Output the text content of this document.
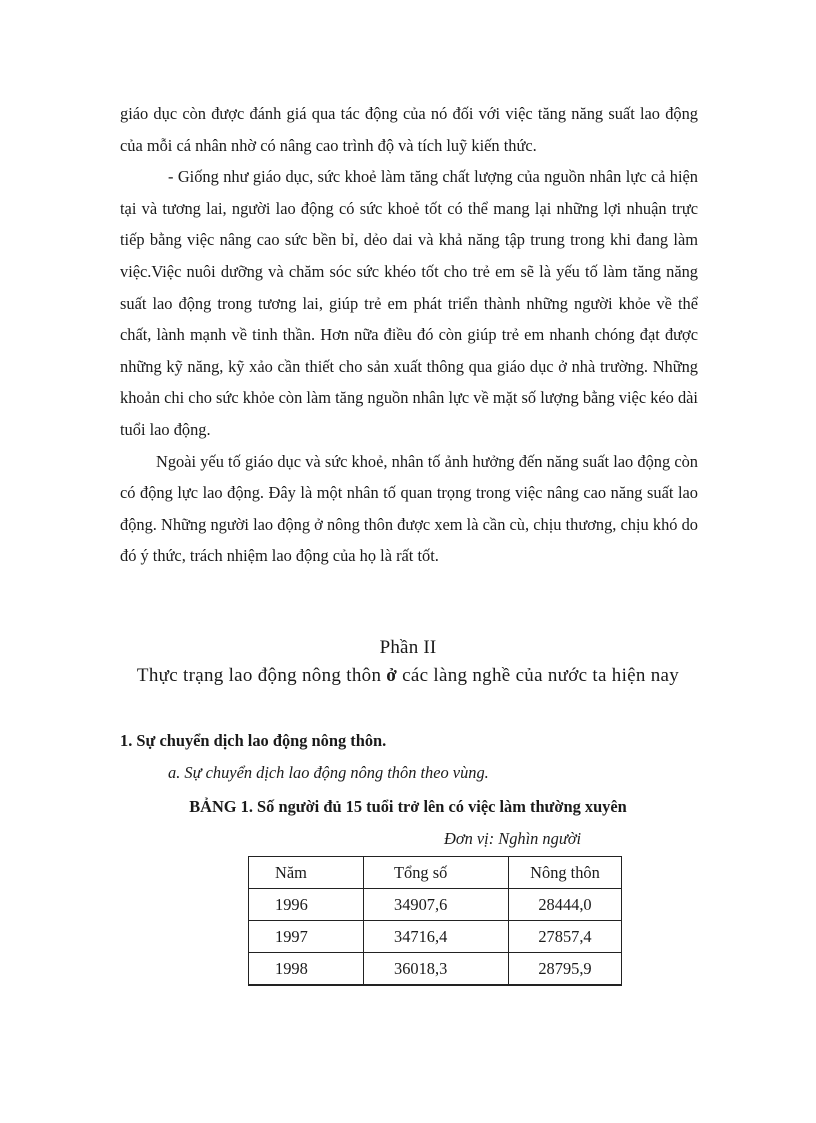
giáo dục còn được đánh giá qua tác động của nó đối với việc tăng năng suất lao động của mỗi cá nhân nhờ có nâng cao trình độ và tích luỹ kiến thức.

- Giống như giáo dục, sức khoẻ làm tăng chất lượng của nguồn nhân lực cả hiện tại và tương lai, người lao động có sức khoẻ tốt có thể mang lại những lợi nhuận trực tiếp bằng việc nâng cao sức bền bỉ, dẻo dai và khả năng tập trung trong khi đang làm việc.Việc nuôi dưỡng và chăm sóc sức khéo tốt cho trẻ em sẽ là yếu tố làm tăng năng suất lao động trong tương lai, giúp trẻ em phát triển thành những người khỏe về thể chất, lành mạnh về tinh thần. Hơn nữa điều đó còn giúp trẻ em nhanh chóng đạt được những kỹ năng, kỹ xảo cần thiết cho sản xuất thông qua giáo dục ở nhà trường. Những khoản chi cho sức khỏe còn làm tăng nguồn nhân lực về mặt số lượng bằng việc kéo dài tuổi lao động.

Ngoài yếu tố giáo dục và sức khoẻ, nhân tố ảnh hưởng đến năng suất lao động còn có động lực lao động. Đây là một nhân tố quan trọng trong việc nâng cao năng suất lao động. Những người lao động ở nông thôn được xem là cần cù, chịu thương, chịu khó do đó ý thức, trách nhiệm lao động của họ là rất tốt.

Phần II
Thực trạng lao động nông thôn ở các làng nghề của nước ta hiện nay
1. Sự chuyển dịch lao động nông thôn.
a. Sự chuyển dịch lao động nông thôn theo vùng.
BẢNG 1. Số người đủ 15 tuổi trở lên có việc làm thường xuyên
Đơn vị: Nghìn người
Năm	Tổng số	Nông thôn
1996	34907,6	28444,0
1997	34716,4	27857,4
1998	36018,3	28795,9
